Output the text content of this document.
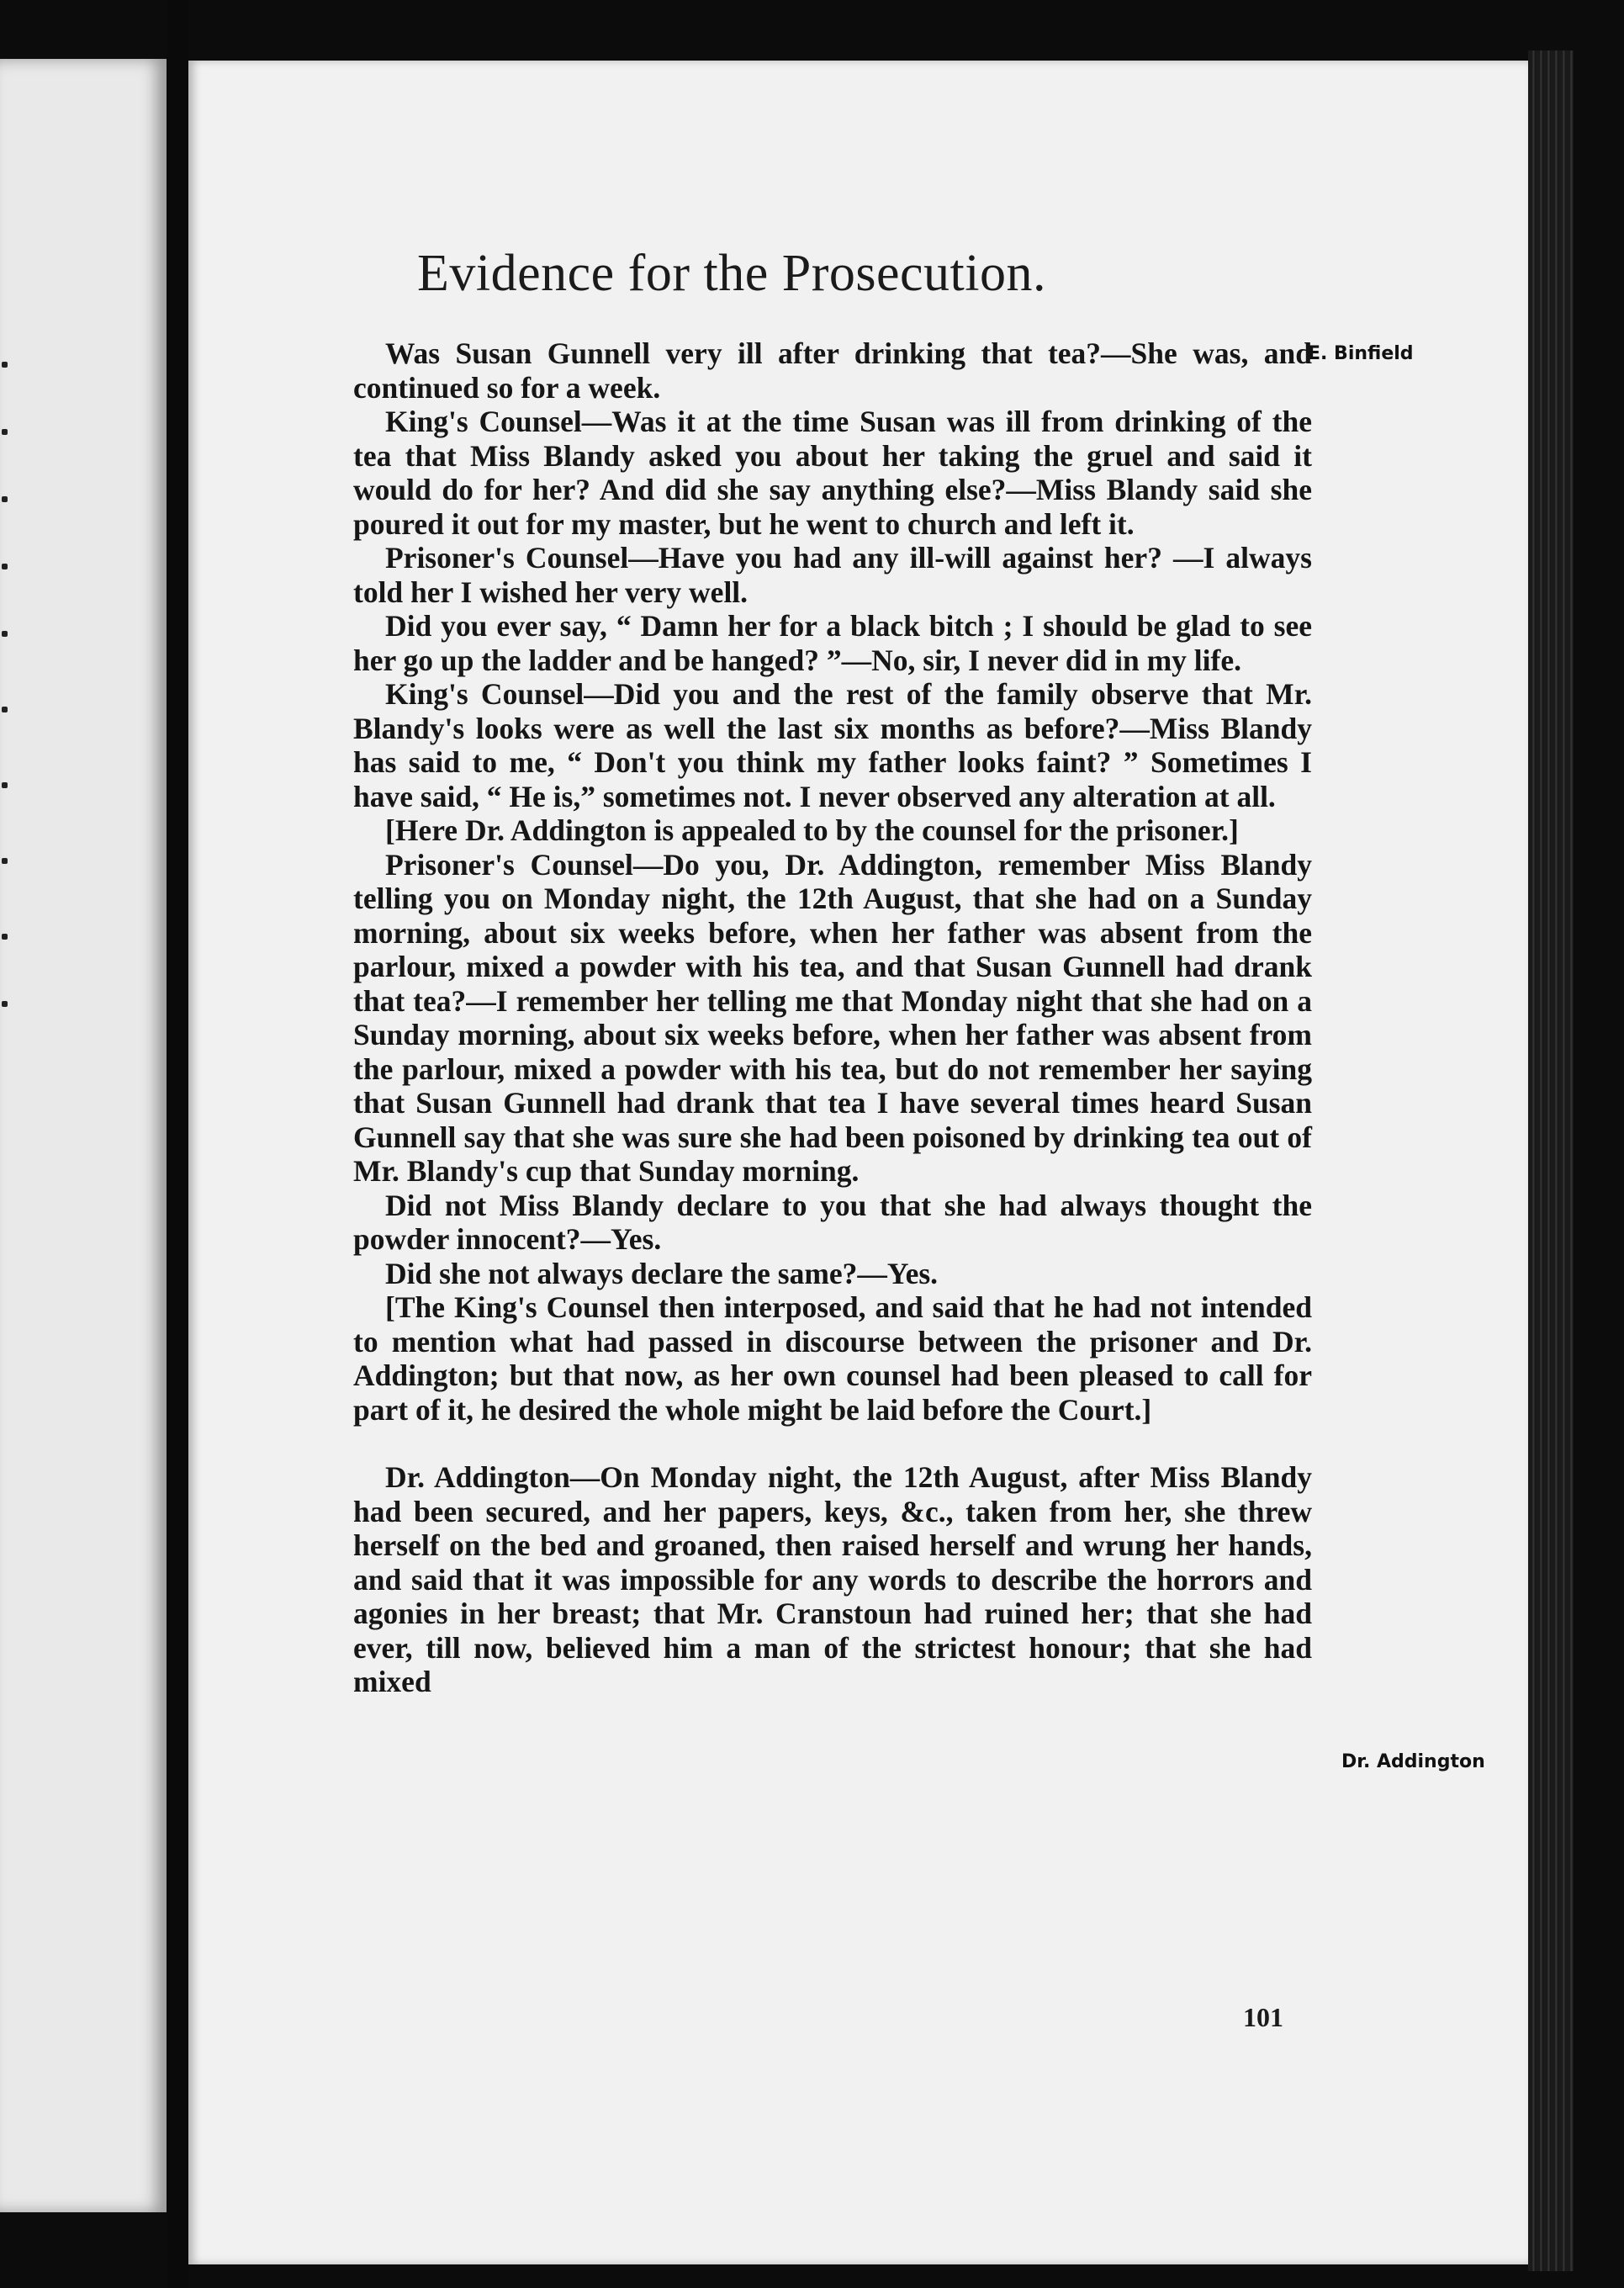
Evidence for the Prosecution.
E. Binfield
Dr. Addington

Was Susan Gunnell very ill after drinking that tea?—She was, and continued so for a week.

King's Counsel—Was it at the time Susan was ill from drinking of the tea that Miss Blandy asked you about her taking the gruel and said it would do for her? And did she say anything else?—Miss Blandy said she poured it out for my master, but he went to church and left it.

Prisoner's Counsel—Have you had any ill-will against her? —I always told her I wished her very well.

Did you ever say, “ Damn her for a black bitch ; I should be glad to see her go up the ladder and be hanged? ”—No, sir, I never did in my life.

King's Counsel—Did you and the rest of the family observe that Mr. Blandy's looks were as well the last six months as before?—Miss Blandy has said to me, “ Don't you think my father looks faint? ” Sometimes I have said, “ He is,” sometimes not. I never observed any alteration at all.

[Here Dr. Addington is appealed to by the counsel for the prisoner.]

Prisoner's Counsel—Do you, Dr. Addington, remember Miss Blandy telling you on Monday night, the 12th August, that she had on a Sunday morning, about six weeks before, when her father was absent from the parlour, mixed a powder with his tea, and that Susan Gunnell had drank that tea?—I remember her telling me that Monday night that she had on a Sunday morning, about six weeks before, when her father was absent from the parlour, mixed a powder with his tea, but do not remember her saying that Susan Gunnell had drank that tea I have several times heard Susan Gunnell say that she was sure she had been poisoned by drinking tea out of Mr. Blandy's cup that Sunday morning.

Did not Miss Blandy declare to you that she had always thought the powder innocent?—Yes.

Did she not always declare the same?—Yes.

[The King's Counsel then interposed, and said that he had not intended to mention what had passed in discourse between the prisoner and Dr. Addington; but that now, as her own counsel had been pleased to call for part of it, he desired the whole might be laid before the Court.]

Dr. Addington—On Monday night, the 12th August, after Miss Blandy had been secured, and her papers, keys, &c., taken from her, she threw herself on the bed and groaned, then raised herself and wrung her hands, and said that it was impossible for any words to describe the horrors and agonies in her breast; that Mr. Cranstoun had ruined her; that she had ever, till now, believed him a man of the strictest honour; that she had mixed

101
